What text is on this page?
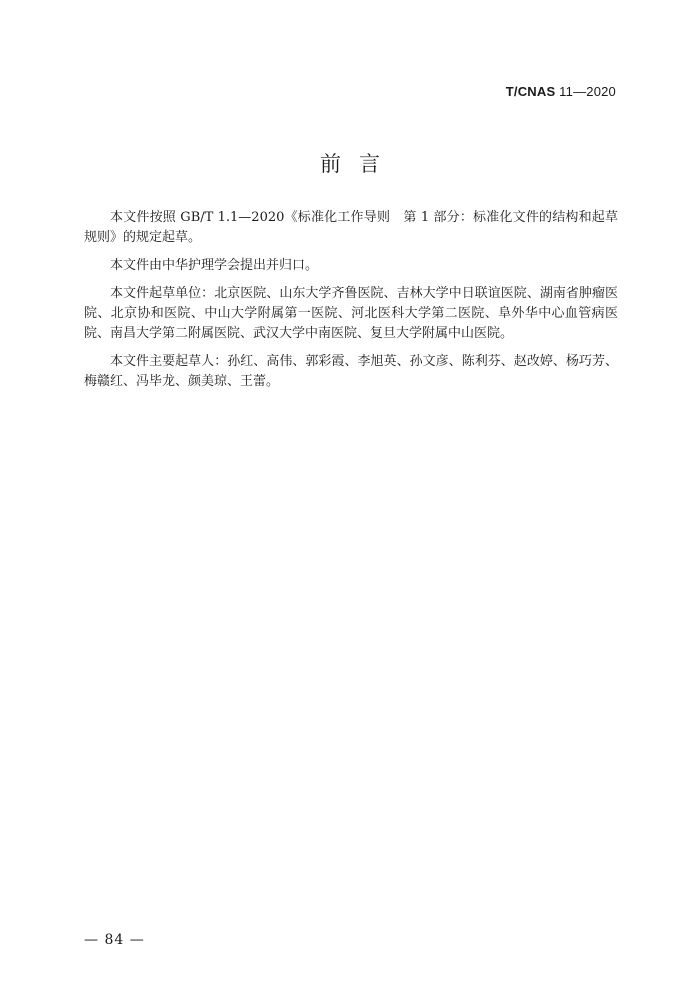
T/CNAS 11—2020
前言

本文件按照 GB/T 1.1—2020《标准化工作导则　第 1 部分：标准化文件的结构和起草规则》的规定起草。

本文件由中华护理学会提出并归口。

本文件起草单位：北京医院、山东大学齐鲁医院、吉林大学中日联谊医院、湖南省肿瘤医院、北京协和医院、中山大学附属第一医院、河北医科大学第二医院、阜外华中心血管病医院、南昌大学第二附属医院、武汉大学中南医院、复旦大学附属中山医院。

本文件主要起草人：孙红、高伟、郭彩霞、李旭英、孙文彦、陈利芬、赵改婷、杨巧芳、梅赣红、冯毕龙、颜美琼、王蕾。

— 84 —
